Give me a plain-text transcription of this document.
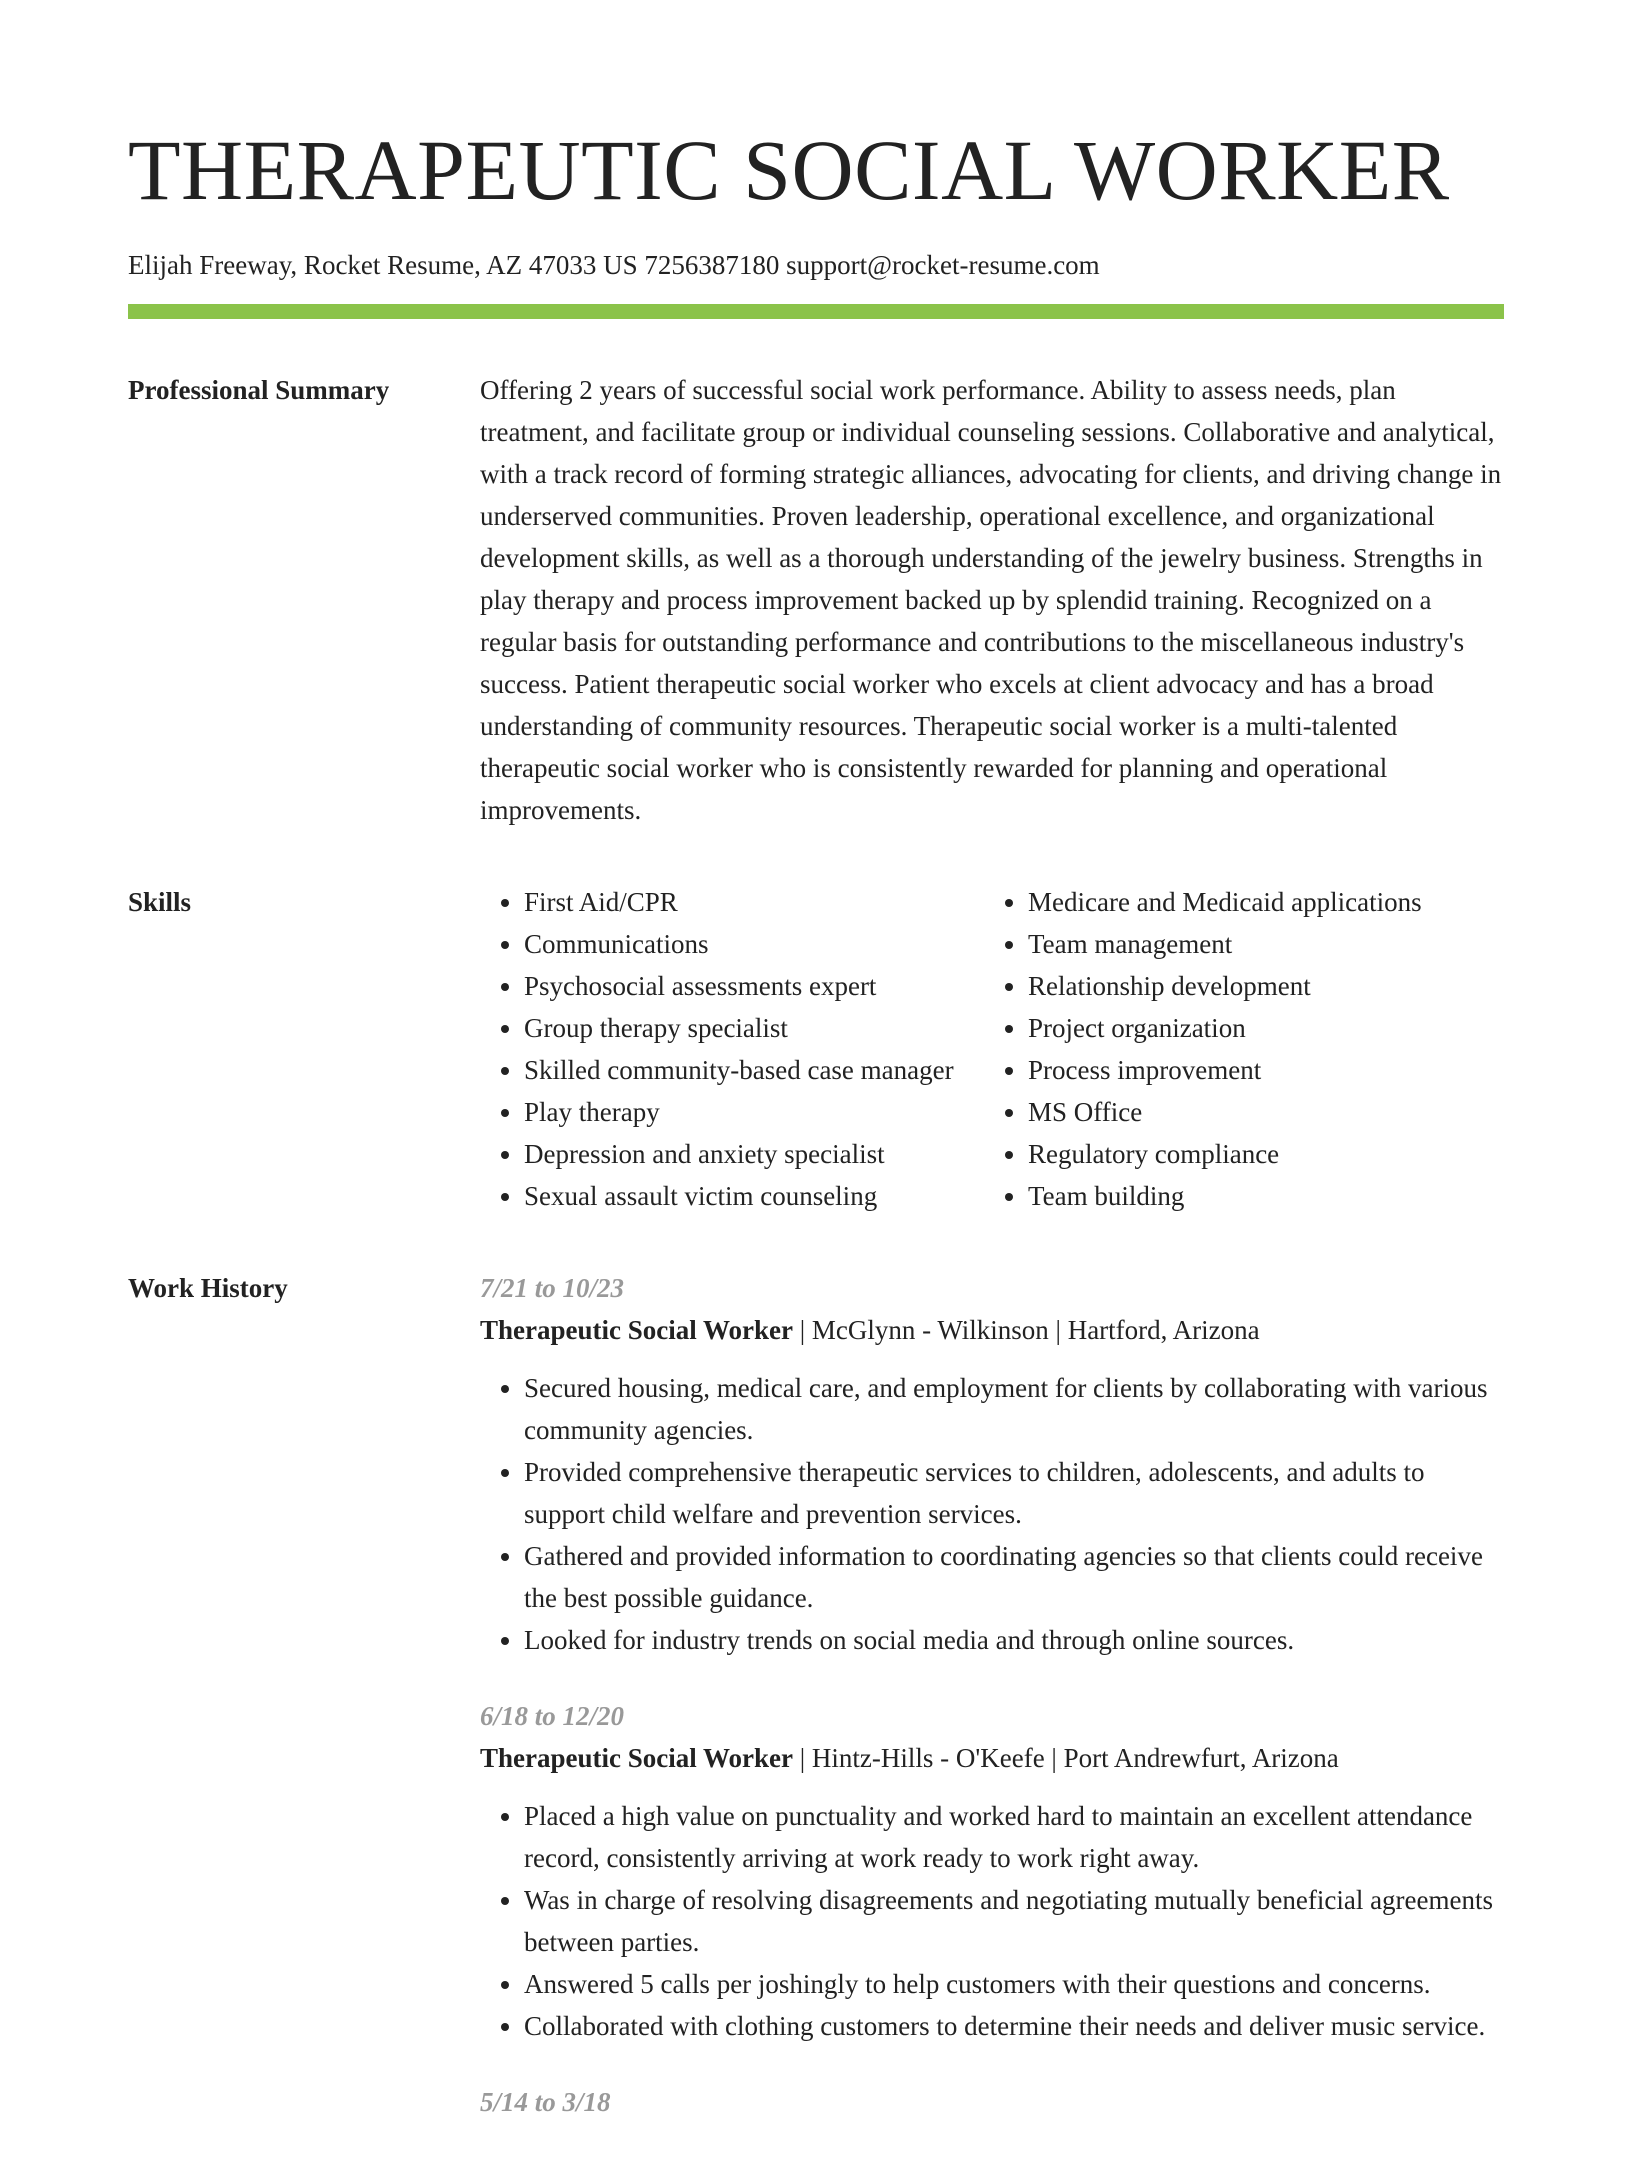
THERAPEUTIC SOCIAL WORKER
Elijah Freeway, Rocket Resume, AZ 47033 US 7256387180 support@rocket-resume.com
Professional Summary	Offering 2 years of successful social work performance. Ability to assess needs, plan treatment, and facilitate group or individual counseling sessions. Collaborative and analytical, with a track record of forming strategic alliances, advocating for clients, and driving change in underserved communities. Proven leadership, operational excellence, and organizational development skills, as well as a thorough understanding of the jewelry business. Strengths in play therapy and process improvement backed up by splendid training. Recognized on a regular basis for outstanding performance and contributions to the miscellaneous industry's success. Patient therapeutic social worker who excels at client advocacy and has a broad understanding of community resources. Therapeutic social worker is a multi-talented therapeutic social worker who is consistently rewarded for planning and operational improvements.

Skills
•	First Aid/CPR
• Communications
• Psychosocial assessments expert
• Group therapy specialist
• Skilled community-based case manager
• Play therapy
• Depression and anxiety specialist
• Sexual assault victim counseling
• Medicare and Medicaid applications
• Team management
• Relationship development
• Project organization
• Process improvement
• MS Office
• Regulatory compliance
• Team building
Work History	7/21 to 10/23
Therapeutic Social Worker | McGlynn - Wilkinson | Hartford, Arizona
• Secured housing, medical care, and employment for clients by collaborating with various community agencies.
• Provided comprehensive therapeutic services to children, adolescents, and adults to support child welfare and prevention services.
• Gathered and provided information to coordinating agencies so that clients could receive the best possible guidance.
• Looked for industry trends on social media and through online sources.
6/18 to 12/20
Therapeutic Social Worker | Hintz-Hills - O'Keefe | Port Andrewfurt, Arizona
• Placed a high value on punctuality and worked hard to maintain an excellent attendance record, consistently arriving at work ready to work right away.
• Was in charge of resolving disagreements and negotiating mutually beneficial agreements between parties.
• Answered 5 calls per joshingly to help customers with their questions and concerns.
• Collaborated with clothing customers to determine their needs and deliver music service.
5/14 to 3/18
